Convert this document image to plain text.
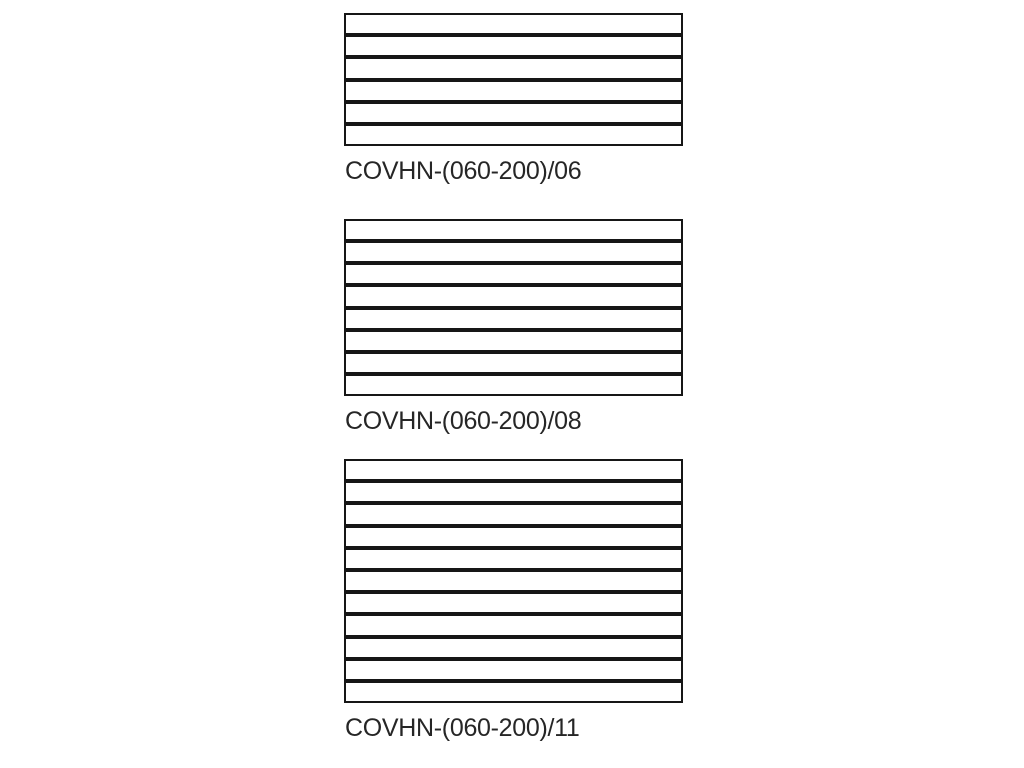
COVHN-(060-200)/06
COVHN-(060-200)/08
COVHN-(060-200)/11
